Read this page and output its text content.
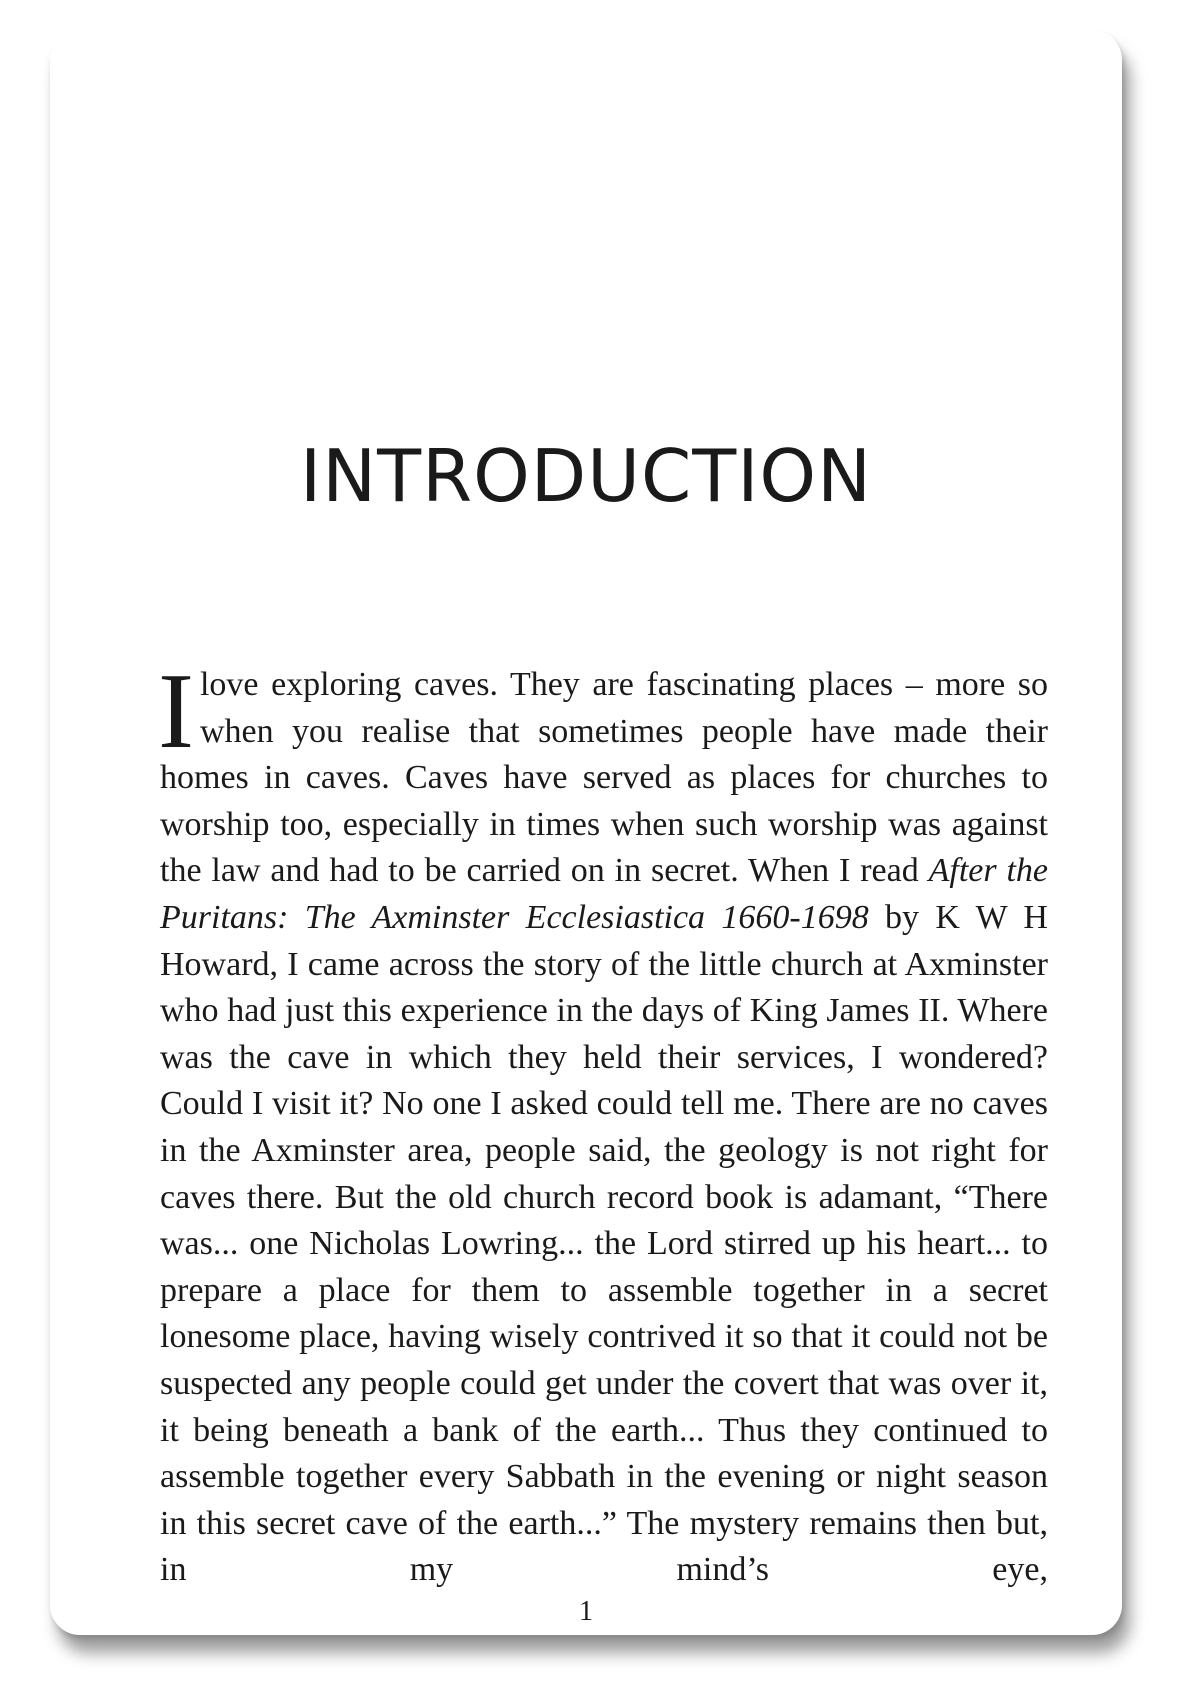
INTRODUCTION

I love exploring caves. They are fascinating places – more so when you realise that sometimes people have made their homes in caves. Caves have served as places for churches to worship too, especially in times when such worship was against the law and had to be carried on in secret. When I read After the Puritans: The Axminster Ecclesiastica 1660-1698 by K W H Howard, I came across the story of the little church at Axminster who had just this experience in the days of King James II. Where was the cave in which they held their services, I wondered? Could I visit it? No one I asked could tell me. There are no caves in the Axminster area, people said, the geology is not right for caves there. But the old church record book is adamant, “There was... one Nicholas Lowring... the Lord stirred up his heart... to prepare a place for them to assemble together in a secret lonesome place, having wisely contrived it so that it could not be suspected any people could get under the covert that was over it, it being beneath a bank of the earth... Thus they continued to assemble together every Sabbath in the evening or night season in this secret cave of the earth...” The mystery remains then but, in my mind’s eye,

1
